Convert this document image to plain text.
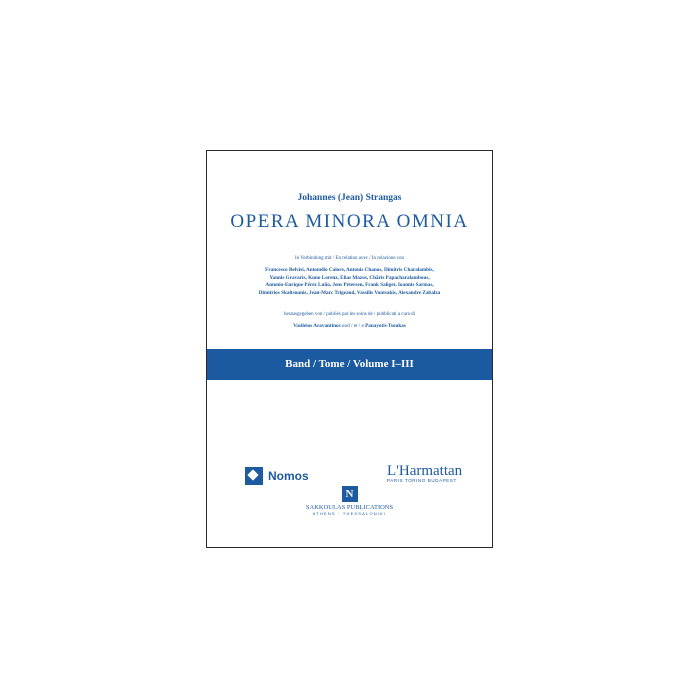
Johannes (Jean) Strangas
OPERA MINORA OMNIA
In Verbindung mit / En relation avec / In relazione con
Francesco Belvisi, Antonello Calore, Antonis Chanos, Dimitris Charalambis,
Yannis Gravaris, Kuno Lorenz, Elias Mazos, Chāris Papacharalambous,
Antonio-Enrique Pérez Luño, Jens Petersen, Frank Saliger, Ioannis Sarmas,
Dimitrios Skaltsounis, Jean-Marc Trigeaud, Vassilis Voutsakis, Alexandre Zabalza
herausgegeben von / publiés par les soins de / pubblicati a cura di
Vasileios Aravantinos und / et / e Panayotis Tsoukas
Band / Tome / Volume I–III
Nomos	L'Harmattan
PARIS TORINO BUDAPEST
N
SAKKOULAS PUBLICATIONS
ATHENS · THESSALONIKI
